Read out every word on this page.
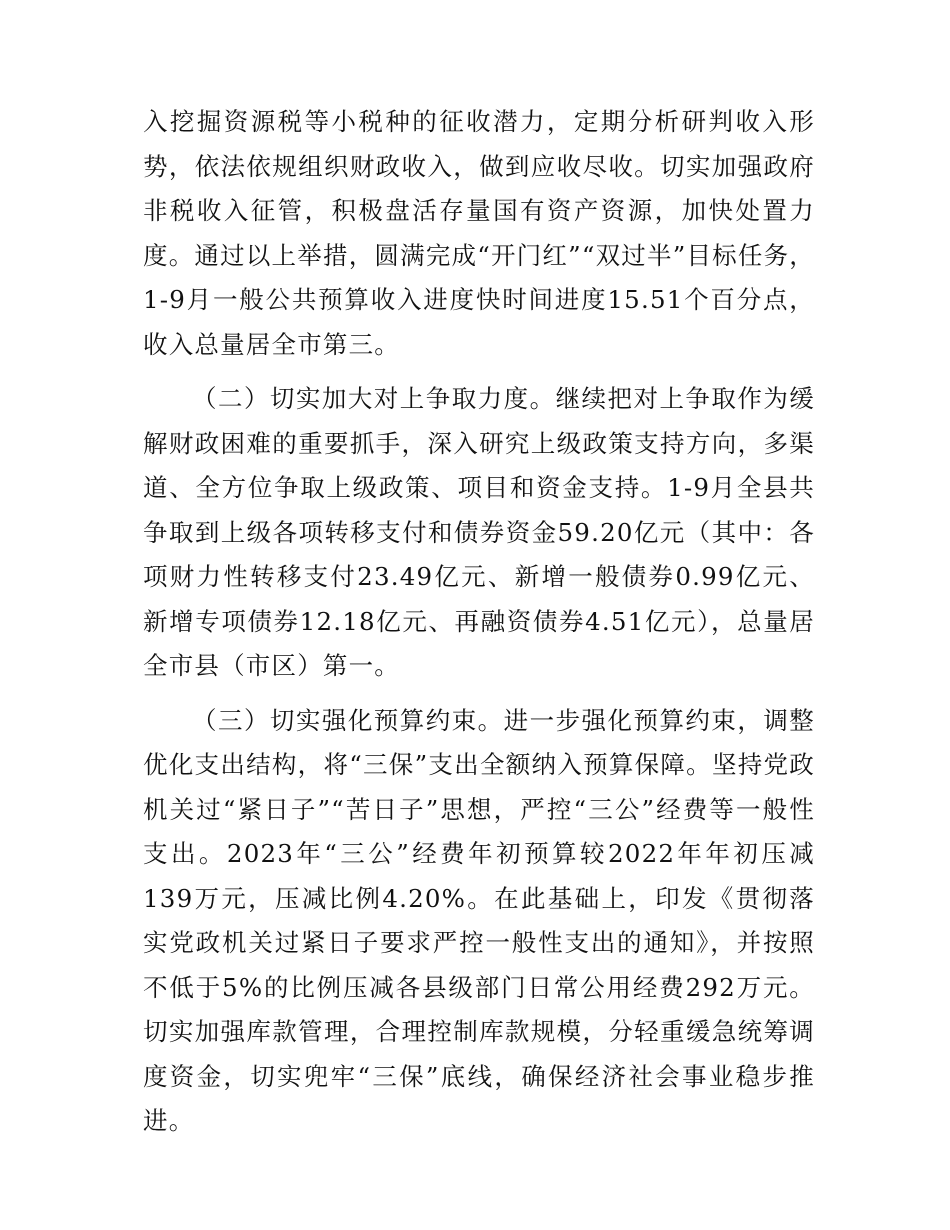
入挖掘资源税等小税种的征收潜力，定期分析研判收入形势，依法依规组织财政收入，做到应收尽收。切实加强政府非税收入征管，积极盘活存量国有资产资源，加快处置力度。通过以上举措，圆满完成“开门红”“双过半”目标任务，1-9月一般公共预算收入进度快时间进度15.51个百分点，收入总量居全市第三。

（二）切实加大对上争取力度。继续把对上争取作为缓解财政困难的重要抓手，深入研究上级政策支持方向，多渠道、全方位争取上级政策、项目和资金支持。1-9月全县共争取到上级各项转移支付和债券资金59.20亿元（其中：各项财力性转移支付23.49亿元、新增一般债券0.99亿元、新增专项债券12.18亿元、再融资债券4.51亿元），总量居全市县（市区）第一。

（三）切实强化预算约束。进一步强化预算约束，调整优化支出结构，将“三保”支出全额纳入预算保障。坚持党政机关过“紧日子”“苦日子”思想，严控“三公”经费等一般性支出。2023年“三公”经费年初预算较2022年年初压减139万元，压减比例4.20%。在此基础上，印发《贯彻落实党政机关过紧日子要求严控一般性支出的通知》，并按照不低于5%的比例压减各县级部门日常公用经费292万元。切实加强库款管理，合理控制库款规模，分轻重缓急统筹调度资金，切实兜牢“三保”底线，确保经济社会事业稳步推进。
